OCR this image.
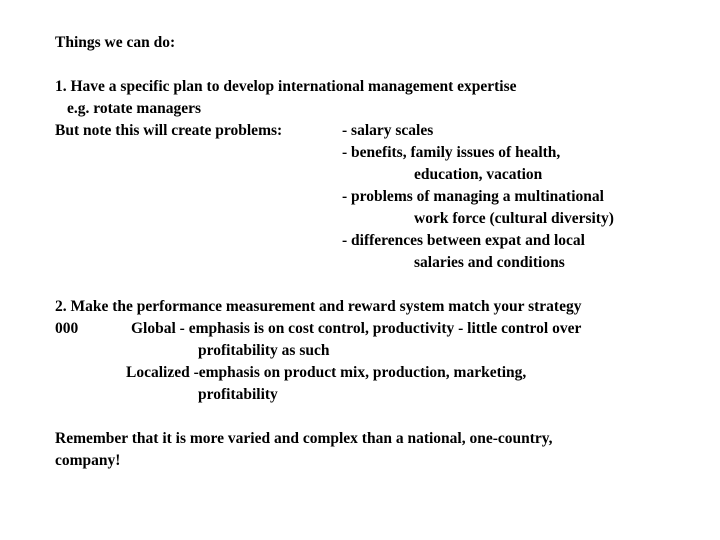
Things we can do:
1. Have a specific plan to develop international management expertise
e.g. rotate managers
But note this will create problems:	- salary scales
- benefits, family issues of health,
education, vacation
- problems of managing a multinational
work force (cultural diversity)
- differences between expat and local
salaries and conditions
2. Make the performance measurement and reward system match your strategy
000	Global - emphasis is on cost control, productivity - little control over
profitability as such
Localized -emphasis on product mix, production, marketing,
profitability
Remember that it is more varied and complex than a national, one-country,
company!
